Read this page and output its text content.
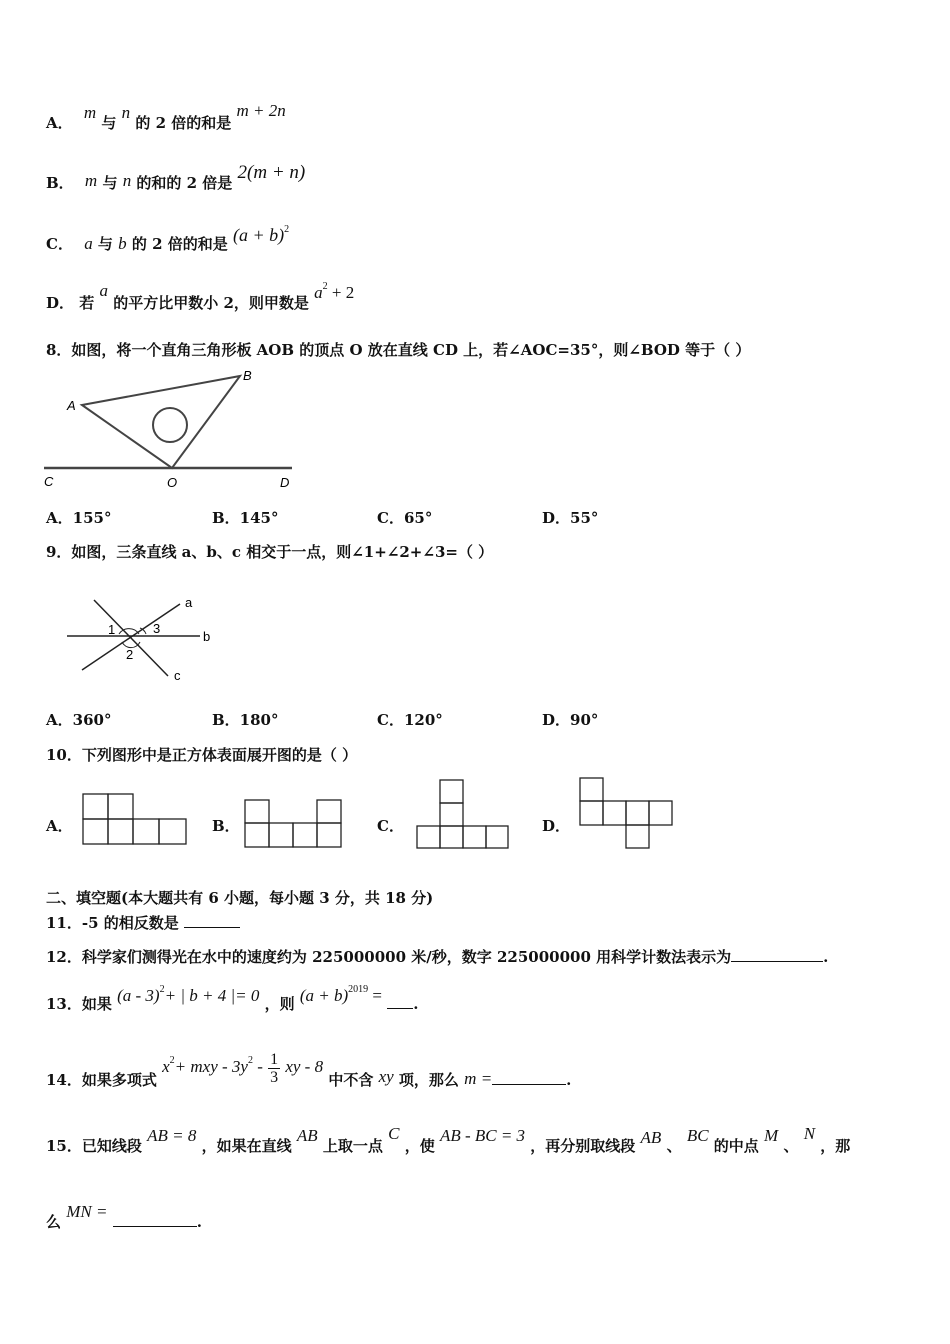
A． m 与 n 的 2 倍的和是 m + 2n
B． m 与 n 的和的 2 倍是 2(m + n)
C． a 与 b 的 2 倍的和是 $(a + b)^2$
D． 若 a 的平方比甲数小 2，则甲数是 $a^2 + 2$
8．如图，将一个直角三角形板 AOB 的顶点 O 放在直线 CD 上，若∠AOC=35°，则∠BOD 等于（ ）
A
B
C	O	D
A．155°	B．145°	C．65°	D．55°
9．如图，三条直线 a、b、c 相交于一点，则∠1+∠2+∠3=（ ）
1
2
3
a
b
c
A．360°	B．180°	C．120°	D．90°
10．下列图形中是正方体表面展开图的是（ ）
A．	B．	C．	D．
二、填空题(本大题共有 6 小题，每小题 3 分，共 18 分)
11．-5 的相反数是
12．科学家们测得光在水中的速度约为 225000000 米/秒，数字 225000000 用科学计数法表示为	.
13．如果 (a - 3)$^2$+ | b + 4 |= 0 ，则 $(a + b)^{2019}$ = .
14．如果多项式 $x^2+$ mxy - $3y^2 - \frac{1}{3}$ xy - 8 中不含 xy 项，那么 m =	.
15．已知线段 AB = 8 ，如果在直线 AB 上取一点 C ，使 AB - BC = 3 ，再分别取线段 AB 、 BC 的中点 M 、 N ，那
么 MN = .
